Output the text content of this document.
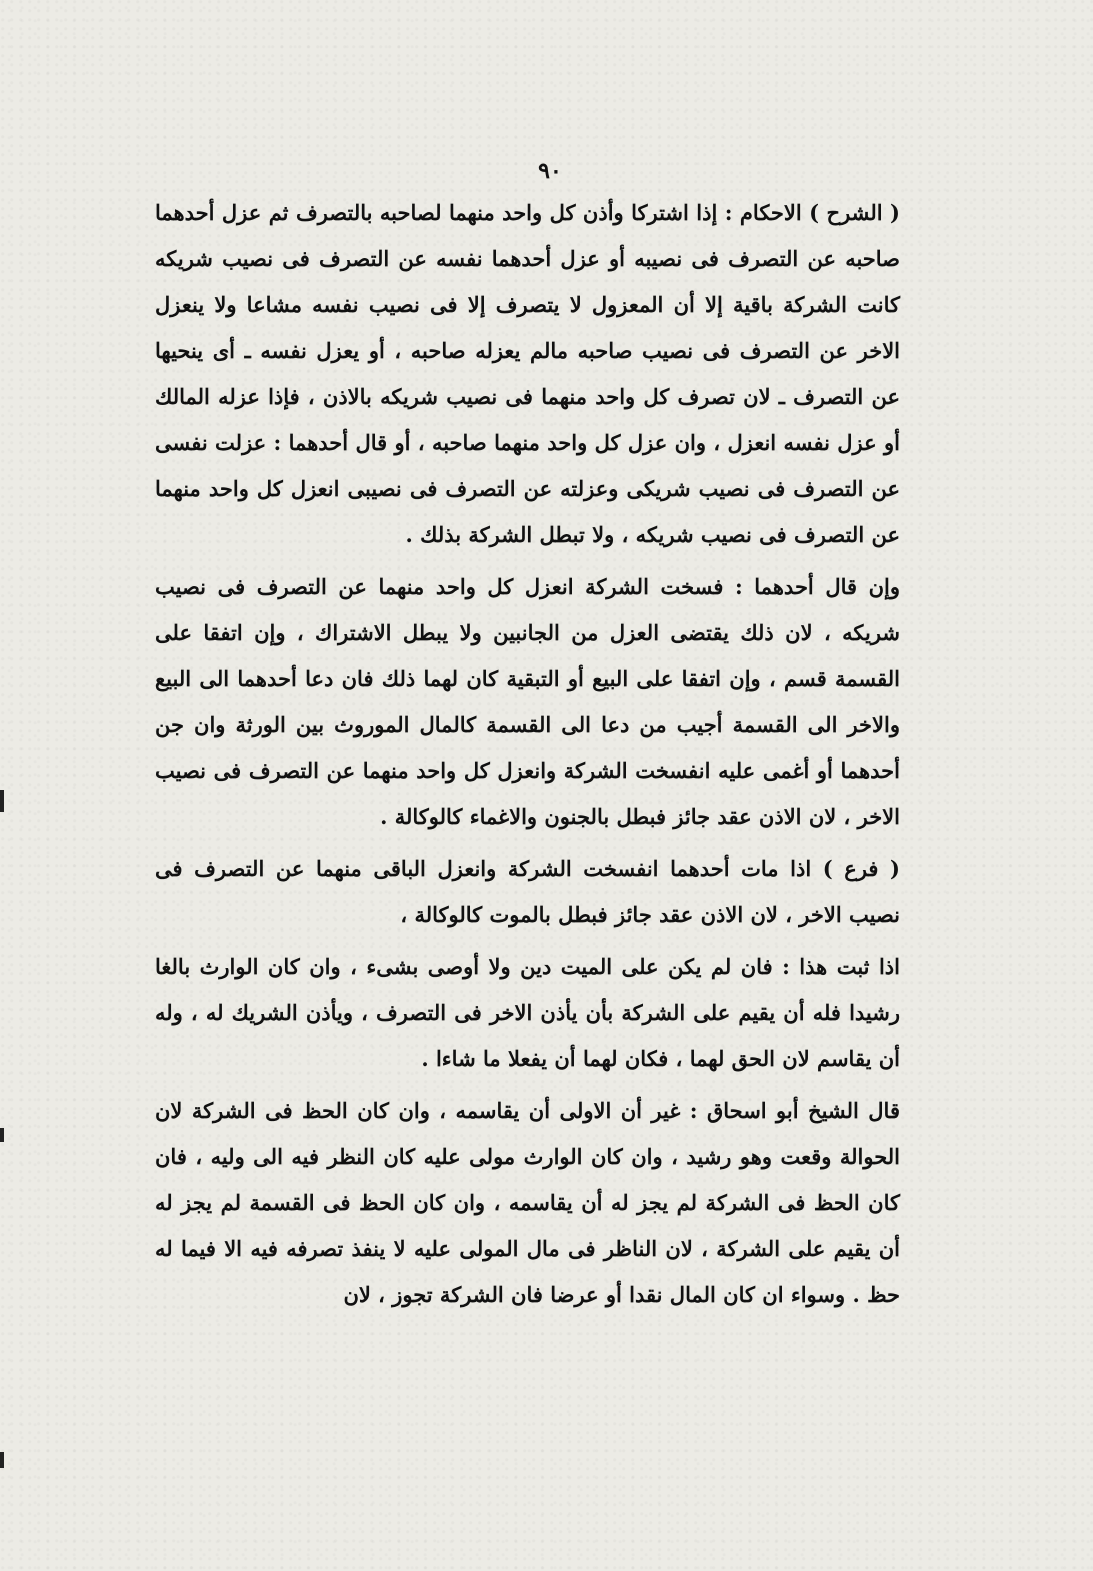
٩٠

( الشرح ) الاحكام : إذا اشتركا وأذن كل واحد منهما لصاحبه بالتصرف ثم عزل أحدهما صاحبه عن التصرف فى نصيبه أو عزل أحدهما نفسه عن التصرف فى نصيب شريكه كانت الشركة باقية إلا أن المعزول لا يتصرف إلا فى نصيب نفسه مشاعا ولا ينعزل الاخر عن التصرف فى نصيب صاحبه مالم يعزله صاحبه ، أو يعزل نفسه ـ أى ينحيها عن التصرف ـ لان تصرف كل واحد منهما فى نصيب شريكه بالاذن ، فإذا عزله المالك أو عزل نفسه انعزل ، وان عزل كل واحد منهما صاحبه ، أو قال أحدهما : عزلت نفسى عن التصرف فى نصيب شريكى وعزلته عن التصرف فى نصيبى انعزل كل واحد منهما عن التصرف فى نصيب شريكه ، ولا تبطل الشركة بذلك .

وإن قال أحدهما : فسخت الشركة انعزل كل واحد منهما عن التصرف فى نصيب شريكه ، لان ذلك يقتضى العزل من الجانبين ولا يبطل الاشتراك ، وإن اتفقا على القسمة قسم ، وإن اتفقا على البيع أو التبقية كان لهما ذلك فان دعا أحدهما الى البيع والاخر الى القسمة أجيب من دعا الى القسمة كالمال الموروث بين الورثة وان جن أحدهما أو أغمى عليه انفسخت الشركة وانعزل كل واحد منهما عن التصرف فى نصيب الاخر ، لان الاذن عقد جائز فبطل بالجنون والاغماء كالوكالة .

( فرع ) اذا مات أحدهما انفسخت الشركة وانعزل الباقى منهما عن التصرف فى نصيب الاخر ، لان الاذن عقد جائز فبطل بالموت كالوكالة ،

اذا ثبت هذا : فان لم يكن على الميت دين ولا أوصى بشىء ، وان كان الوارث بالغا رشيدا فله أن يقيم على الشركة بأن يأذن الاخر فى التصرف ، ويأذن الشريك له ، وله أن يقاسم لان الحق لهما ، فكان لهما أن يفعلا ما شاءا .

قال الشيخ أبو اسحاق : غير أن الاولى أن يقاسمه ، وان كان الحظ فى الشركة لان الحوالة وقعت وهو رشيد ، وان كان الوارث مولى عليه كان النظر فيه الى وليه ، فان كان الحظ فى الشركة لم يجز له أن يقاسمه ، وان كان الحظ فى القسمة لم يجز له أن يقيم على الشركة ، لان الناظر فى مال المولى عليه لا ينفذ تصرفه فيه الا فيما له حظ . وسواء ان كان المال نقدا أو عرضا فان الشركة تجوز ، لان
